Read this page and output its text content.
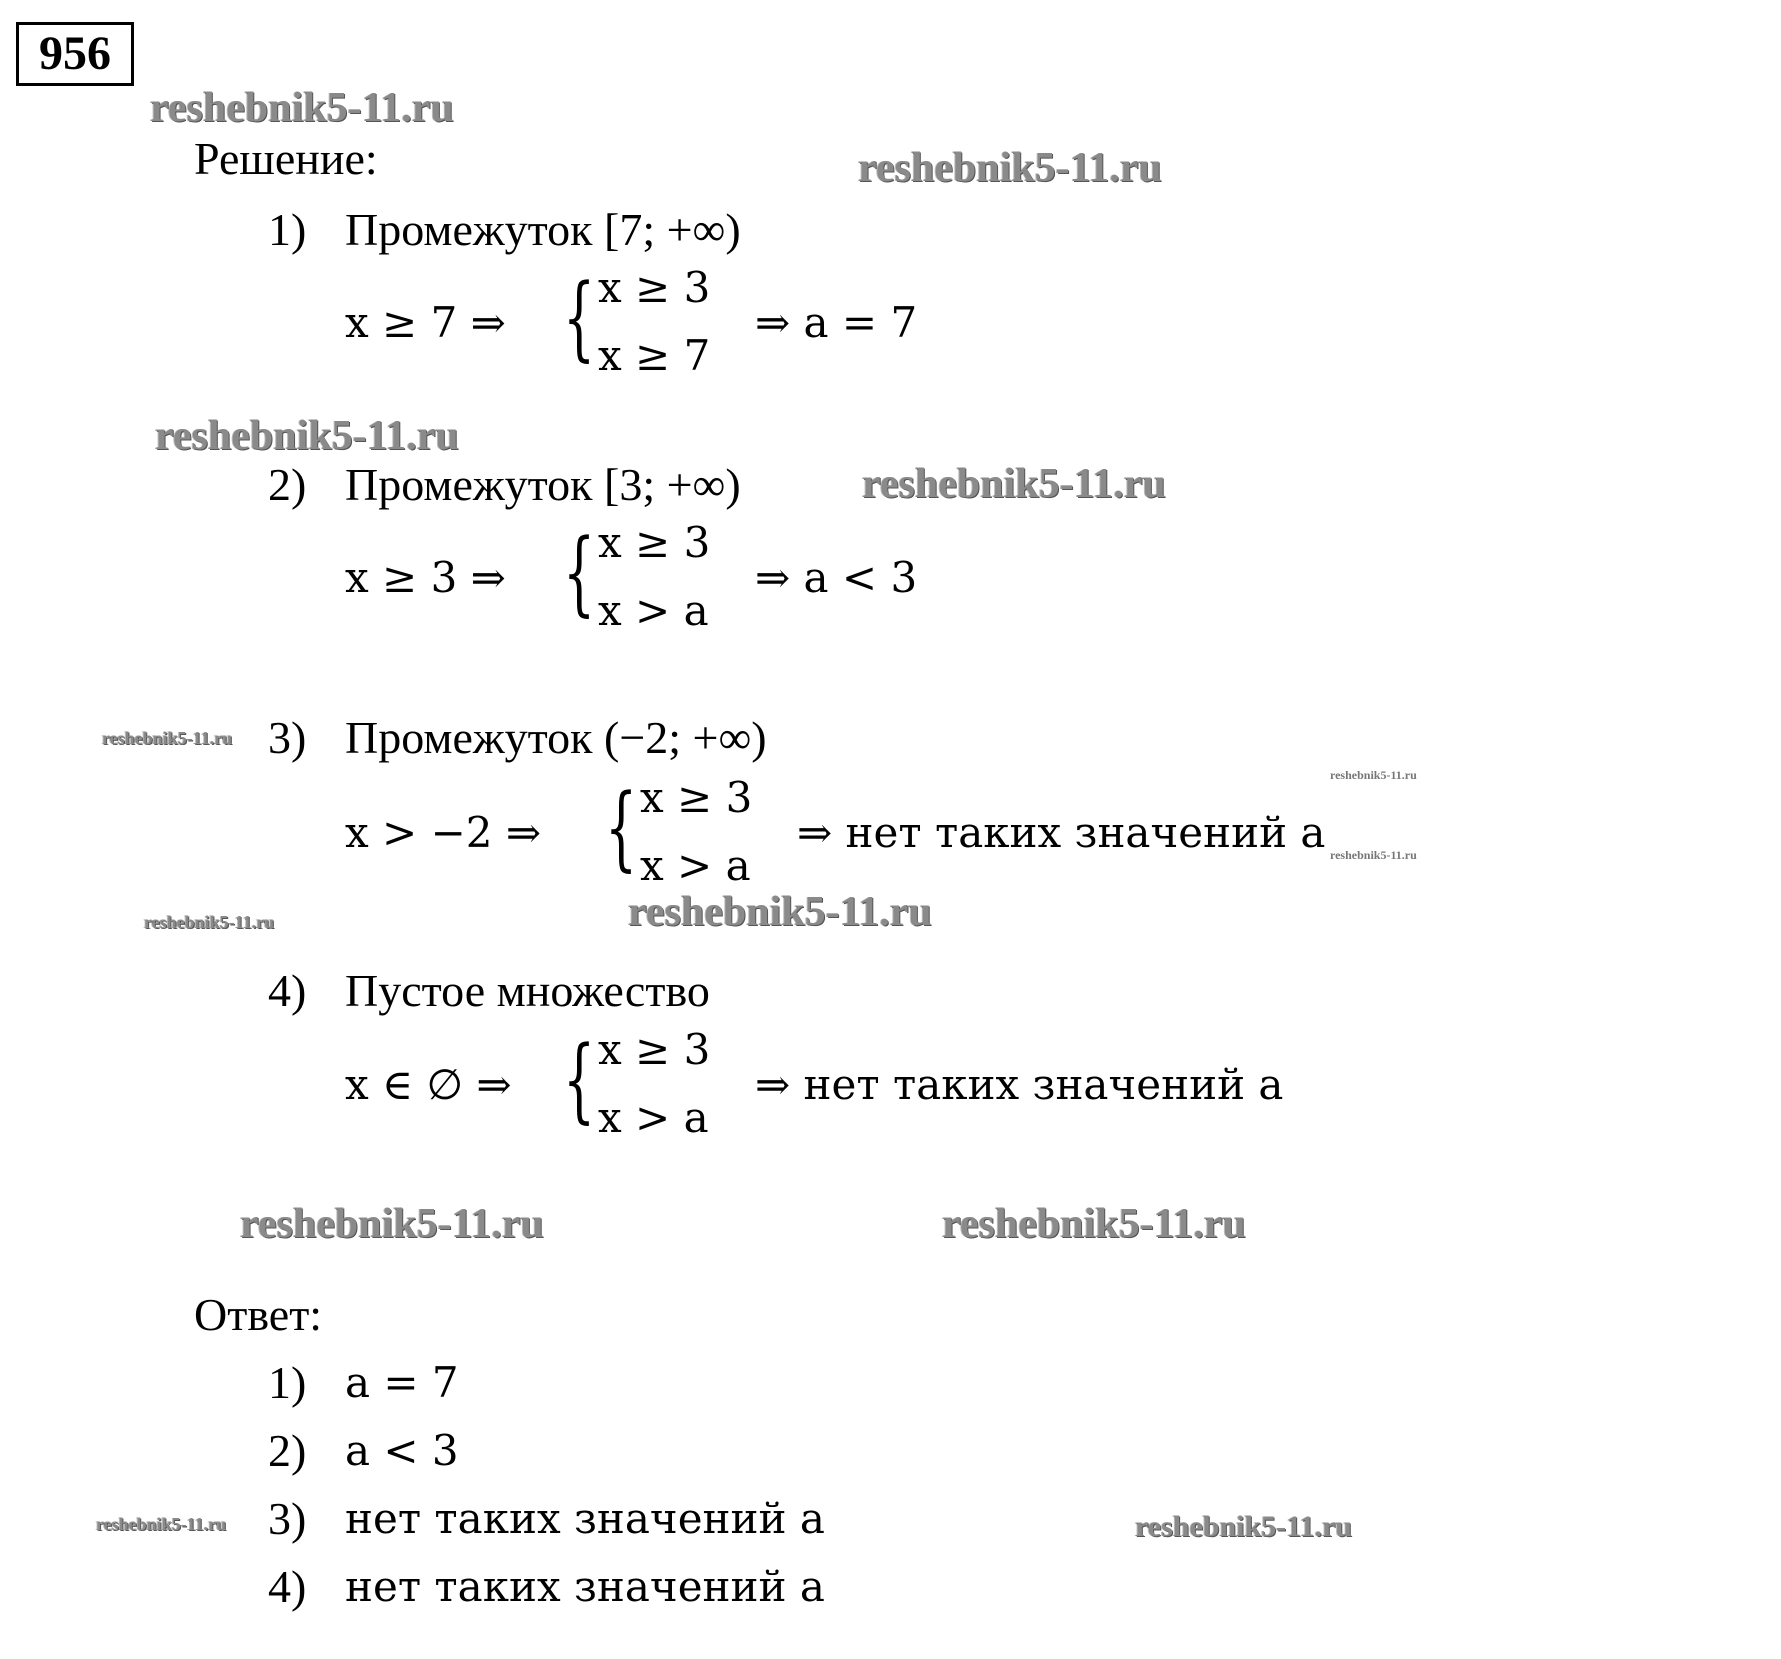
956
reshebnik5-11.ru
reshebnik5-11.ru
reshebnik5-11.ru
reshebnik5-11.ru
reshebnik5-11.ru
reshebnik5-11.ru
reshebnik5-11.ru
reshebnik5-11.ru	reshebnik5-11.ru
reshebnik5-11.ru	reshebnik5-11.ru
reshebnik5-11.ru	reshebnik5-11.ru
Решение:
1) Промежуток [7; +∞)
x ≥ 7 ⇒ { x ≥ 3
x ≥ 7
⇒ a = 7
2) Промежуток [3; +∞)
x ≥ 3 ⇒ { x ≥ 3
x > a
⇒ a < 3
3) Промежуток (−2; +∞)
x > −2 ⇒ { x ≥ 3
x > a
⇒ нет таких значений a
4) Пустое множество
x ∈ ∅ ⇒ { x ≥ 3
x > a
⇒ нет таких значений a
Ответ:
1) a = 7
2) a < 3
3) нет таких значений a
4) нет таких значений a
